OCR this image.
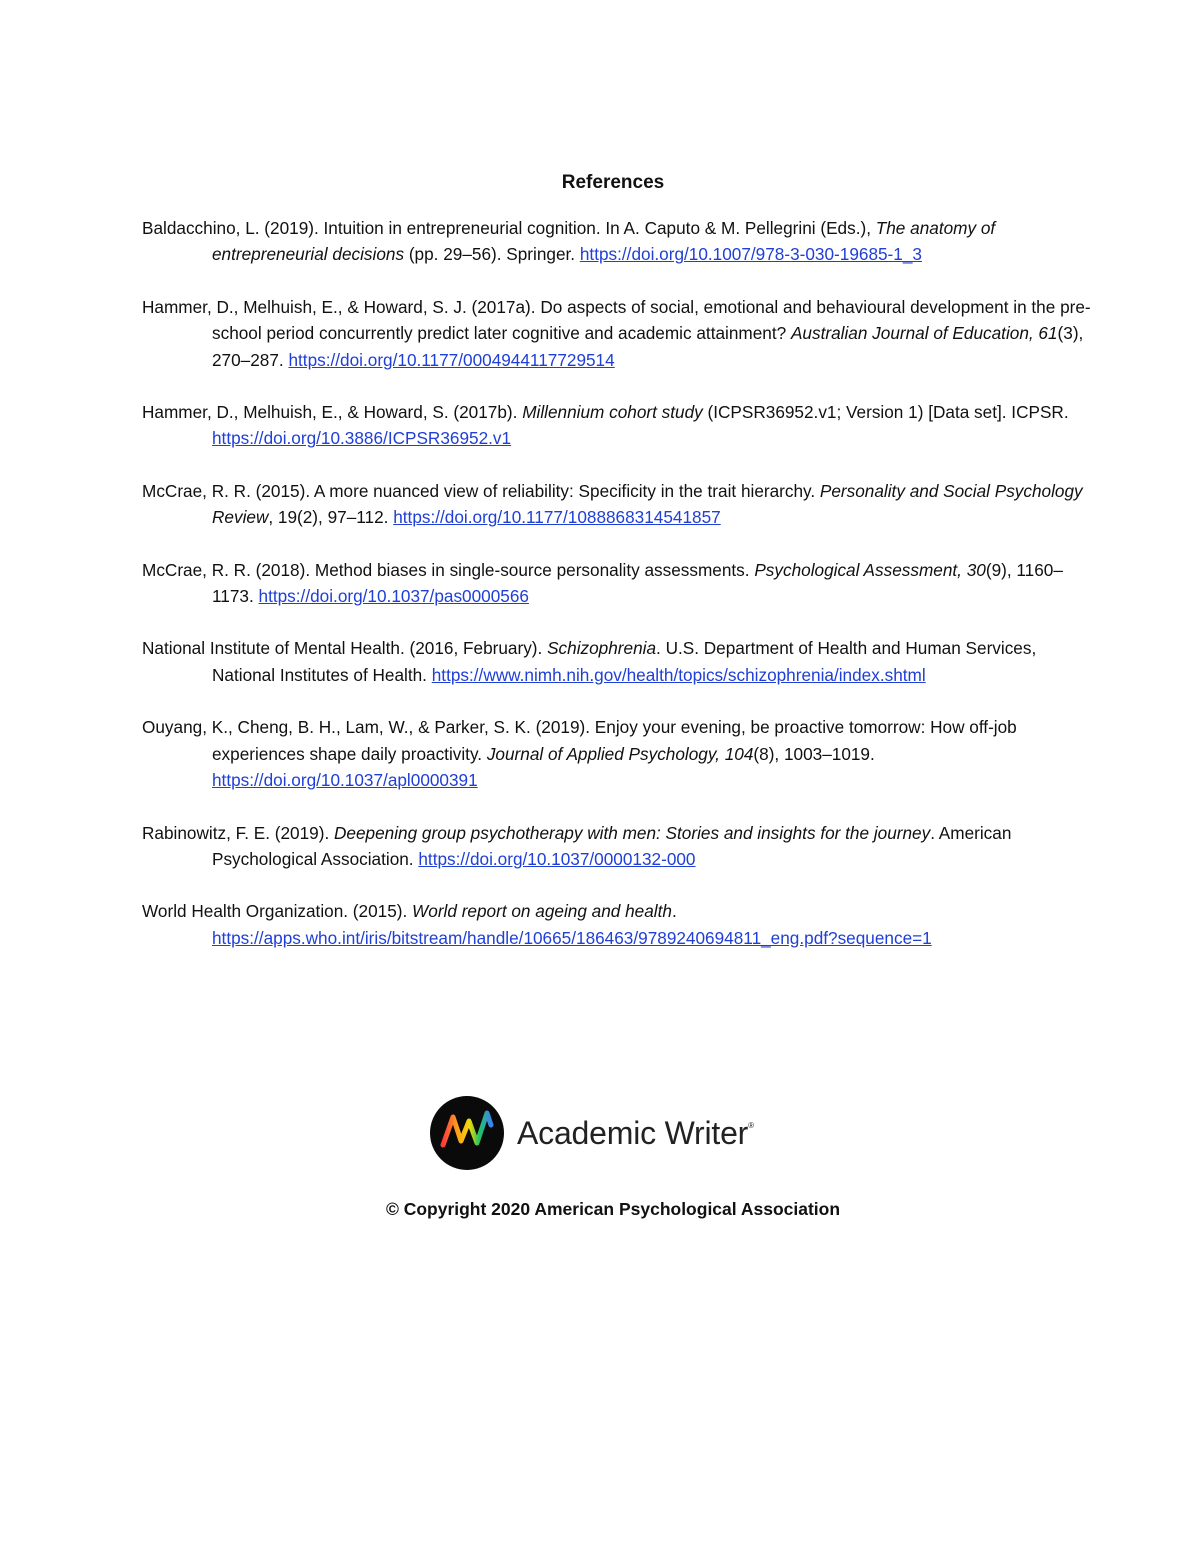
References

Baldacchino, L. (2019). Intuition in entrepreneurial cognition. In A. Caputo & M. Pellegrini (Eds.), The anatomy of entrepreneurial decisions (pp. 29–56). Springer. https://doi.org/10.1007/978-3-030-19685-1_3

Hammer, D., Melhuish, E., & Howard, S. J. (2017a). Do aspects of social, emotional and behavioural development in the pre-school period concurrently predict later cognitive and academic attainment? Australian Journal of Education, 61(3), 270–287. https://doi.org/10.1177/0004944117729514

Hammer, D., Melhuish, E., & Howard, S. (2017b). Millennium cohort study (ICPSR36952.v1; Version 1) [Data set]. ICPSR. https://doi.org/10.3886/ICPSR36952.v1

McCrae, R. R. (2015). A more nuanced view of reliability: Specificity in the trait hierarchy. Personality and Social Psychology Review, 19(2), 97–112. https://doi.org/10.1177/1088868314541857

McCrae, R. R. (2018). Method biases in single-source personality assessments. Psychological Assessment, 30(9), 1160–1173. https://doi.org/10.1037/pas0000566

National Institute of Mental Health. (2016, February). Schizophrenia. U.S. Department of Health and Human Services, National Institutes of Health. https://www.nimh.nih.gov/health/topics/schizophrenia/index.shtml

Ouyang, K., Cheng, B. H., Lam, W., & Parker, S. K. (2019). Enjoy your evening, be proactive tomorrow: How off-job experiences shape daily proactivity. Journal of Applied Psychology, 104(8), 1003–1019. https://doi.org/10.1037/apl0000391

Rabinowitz, F. E. (2019). Deepening group psychotherapy with men: Stories and insights for the journey. American Psychological Association. https://doi.org/10.1037/0000132-000

World Health Organization. (2015). World report on ageing and health. https://apps.who.int/iris/bitstream/handle/10665/186463/9789240694811_eng.pdf?sequence=1

Academic Writer®
© Copyright 2020 American Psychological Association
